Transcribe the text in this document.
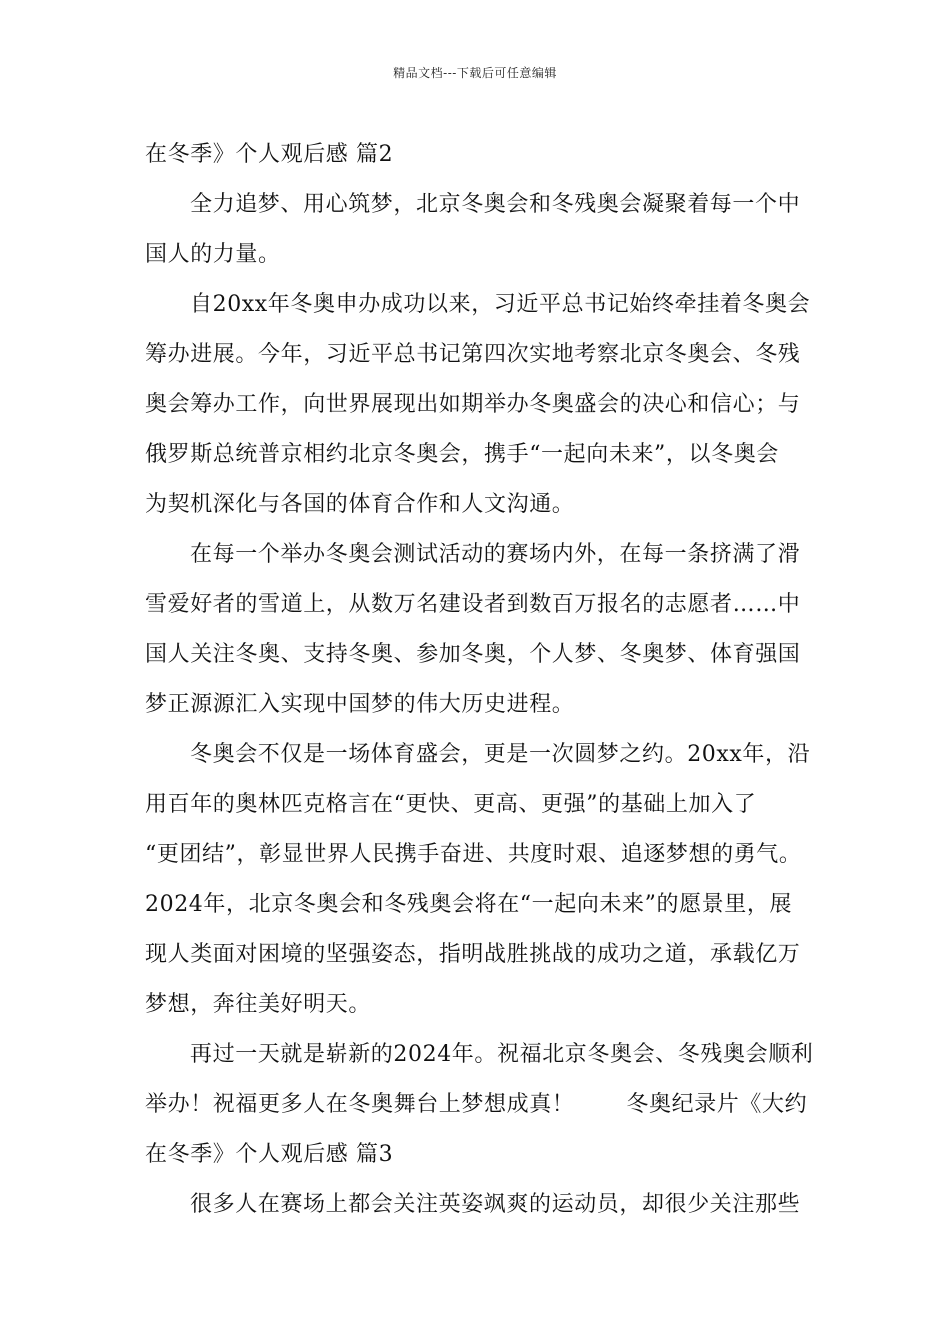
精品文档---下载后可任意编辑
在冬季》个人观后感 篇2
全力追梦、用心筑梦，北京冬奥会和冬残奥会凝聚着每一个中
国人的力量。
自20xx年冬奥申办成功以来，习近平总书记始终牵挂着冬奥会
筹办进展。今年，习近平总书记第四次实地考察北京冬奥会、冬残
奥会筹办工作，向世界展现出如期举办冬奥盛会的决心和信心；与
俄罗斯总统普京相约北京冬奥会，携手“一起向未来”，以冬奥会
为契机深化与各国的体育合作和人文沟通。
在每一个举办冬奥会测试活动的赛场内外，在每一条挤满了滑
雪爱好者的雪道上，从数万名建设者到数百万报名的志愿者……中
国人关注冬奥、支持冬奥、参加冬奥，个人梦、冬奥梦、体育强国
梦正源源汇入实现中国梦的伟大历史进程。
冬奥会不仅是一场体育盛会，更是一次圆梦之约。20xx年，沿
用百年的奥林匹克格言在“更快、更高、更强”的基础上加入了
“更团结”，彰显世界人民携手奋进、共度时艰、追逐梦想的勇气。
2024年，北京冬奥会和冬残奥会将在“一起向未来”的愿景里，展
现人类面对困境的坚强姿态，指明战胜挑战的成功之道，承载亿万
梦想，奔往美好明天。
再过一天就是崭新的2024年。祝福北京冬奥会、冬残奥会顺利
举办！祝福更多人在冬奥舞台上梦想成真！ 冬奥纪录片《大约
在冬季》个人观后感 篇3
很多人在赛场上都会关注英姿飒爽的运动员，却很少关注那些
